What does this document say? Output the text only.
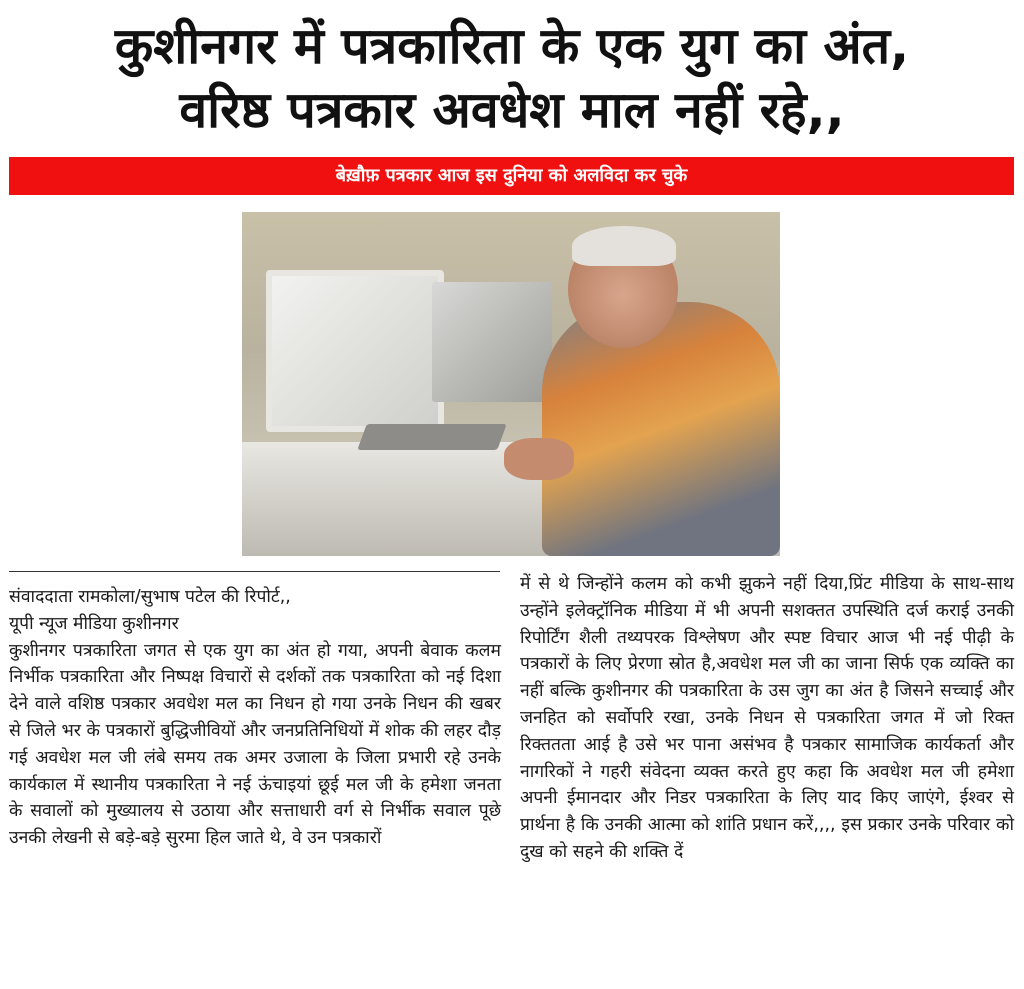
कुशीनगर में पत्रकारिता के एक युग का अंत,
वरिष्ठ पत्रकार अवधेश माल नहीं रहे,,
बेख़ौफ़ पत्रकार आज इस दुनिया को अलविदा कर चुके

संवाददाता रामकोला/सुभाष पटेल की रिपोर्ट,,

यूपी न्यूज मीडिया कुशीनगर

कुशीनगर पत्रकारिता जगत से एक युग का अंत हो गया, अपनी बेवाक कलम निर्भीक पत्रकारिता और निष्पक्ष विचारों से दर्शकों तक पत्रकारिता को नई दिशा देने वाले वशिष्ठ पत्रकार अवधेश मल का निधन हो गया उनके निधन की खबर से जिले भर के पत्रकारों बुद्धिजीवियों और जनप्रतिनिधियों में शोक की लहर दौड़ गई अवधेश मल जी लंबे समय तक अमर उजाला के जिला प्रभारी रहे उनके कार्यकाल में स्थानीय पत्रकारिता ने नई ऊंचाइयां छूई मल जी के हमेशा जनता के सवालों को मुख्यालय से उठाया और सत्ताधारी वर्ग से निर्भीक सवाल पूछे उनकी लेखनी से बड़े-बड़े सुरमा हिल जाते थे, वे उन पत्रकारों

में से थे जिन्होंने कलम को कभी झुकने नहीं दिया,प्रिंट मीडिया के साथ-साथ उन्होंने इलेक्ट्रॉनिक मीडिया में भी अपनी सशक्तत उपस्थिति दर्ज कराई उनकी रिपोर्टिंग शैली तथ्यपरक विश्लेषण और स्पष्ट विचार आज भी नई पीढ़ी के पत्रकारों के लिए प्रेरणा स्रोत है,अवधेश मल जी का जाना सिर्फ एक व्यक्ति का नहीं बल्कि कुशीनगर की पत्रकारिता के उस जुग का अंत है जिसने सच्चाई और जनहित को सर्वोपरि रखा, उनके निधन से पत्रकारिता जगत में जो रिक्त रिक्ततता आई है उसे भर पाना असंभव है पत्रकार सामाजिक कार्यकर्ता और नागरिकों ने गहरी संवेदना व्यक्त करते हुए कहा कि अवधेश मल जी हमेशा अपनी ईमानदार और निडर पत्रकारिता के लिए याद किए जाएंगे, ईश्वर से प्रार्थना है कि उनकी आत्मा को शांति प्रधान करें,,,, इस प्रकार उनके परिवार को दुख को सहने की शक्ति दें
